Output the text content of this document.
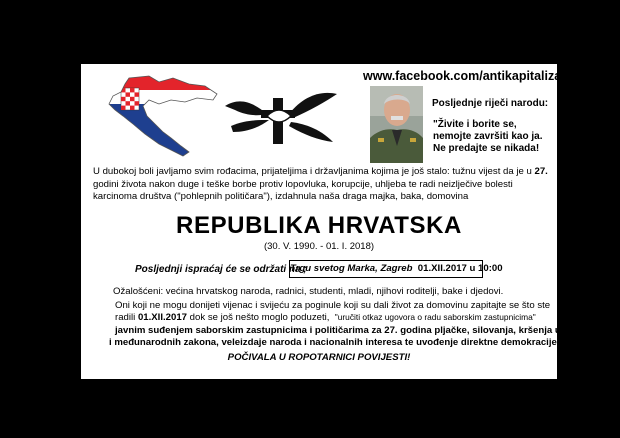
www.facebook.com/antikapitalizam
Posljednje riječi narodu:
"Živite i borite se,
nemojte završiti kao ja.
Ne predajte se nikada!
U dubokoj boli javljamo svim rođacima, prijateljima i državljanima kojima je još stalo: tužnu vijest da je u 27. godini života nakon duge i teške borbe protiv lopovluka, korupcije, uhljeba te radi neizlječive bolesti karcinoma društva ("pohlepnih političara"), izdahnula naša draga majka, baka, domovina
REPUBLIKA HRVATSKA
(30. V. 1990. - 01. I. 2018)
Posljednji ispraćaj će se održati na ;
Trgu svetog Marka, Zagreb 01.XII.2017 u 10:00
Ožalošćeni: većina hrvatskog naroda, radnici, studenti, mladi, njihovi roditelji, bake i djedovi.
Oni koji ne mogu donijeti vijenac i svijeću za poginule koji su dali život za domovinu zapitajte se što ste
radili 01.XII.2017 dok se još nešto moglo poduzeti, "uručiti otkaz ugovora o radu saborskim zastupnicima"
javnim suđenjem saborskim zastupnicima i političarima za 27. godina pljačke, silovanja, kršenja ustavnih
i međunarodnih zakona, veleizdaje naroda i nacionalnih interesa te uvođenje direktne demokracije!
POČIVALA U ROPOTARNICI POVIJESTI!
